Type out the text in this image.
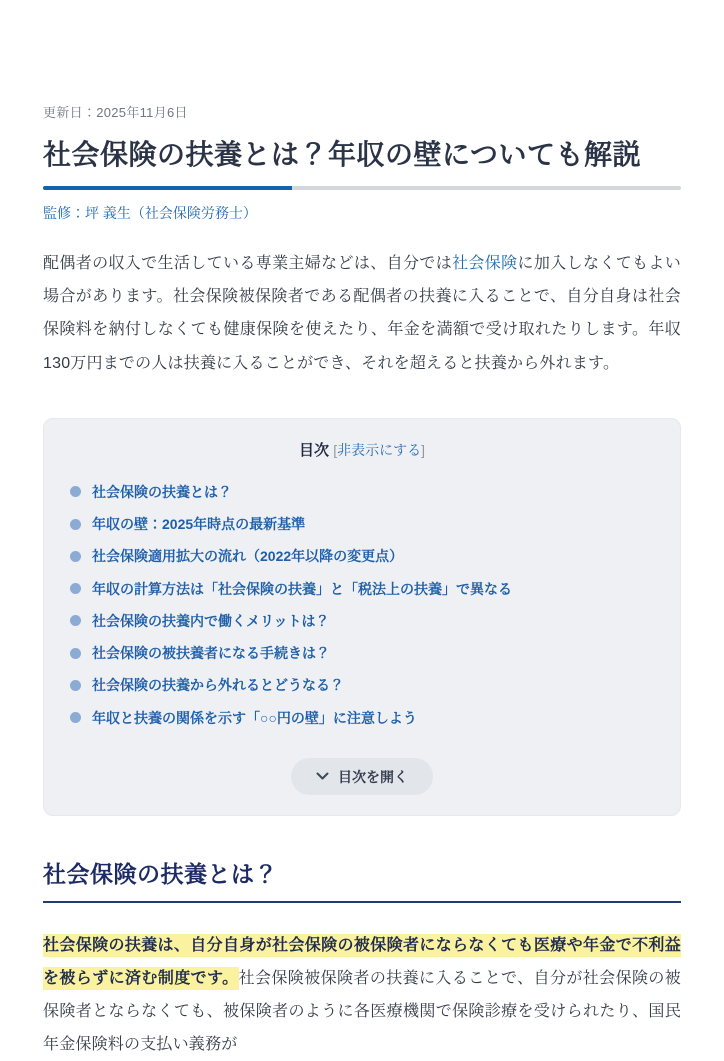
更新日：2025年11月6日
社会保険の扶養とは？年収の壁についても解説
監修：坪 義生（社会保険労務士）

配偶者の収入で生活している専業主婦などは、自分では社会保険に加入しなくてもよい場合があります。社会保険被保険者である配偶者の扶養に入ることで、自分自身は社会保険料を納付しなくても健康保険を使えたり、年金を満額で受け取れたりします。年収130万円までの人は扶養に入ることができ、それを超えると扶養から外れます。

目次 [非表示にする]
社会保険の扶養とは？
年収の壁：2025年時点の最新基準
社会保険適用拡大の流れ（2022年以降の変更点）
年収の計算方法は「社会保険の扶養」と「税法上の扶養」で異なる
社会保険の扶養内で働くメリットは？
社会保険の被扶養者になる手続きは？
社会保険の扶養から外れるとどうなる？
年収と扶養の関係を示す「○○円の壁」に注意しよう
目次を開く
社会保険の扶養とは？

社会保険の扶養は、自分自身が社会保険の被保険者にならなくても医療や年金で不利益を被らずに済む制度です。社会保険被保険者の扶養に入ることで、自分が社会保険の被保険者とならなくても、被保険者のように各医療機関で保険診療を受けられたり、国民年金保険料の支払い義務が
